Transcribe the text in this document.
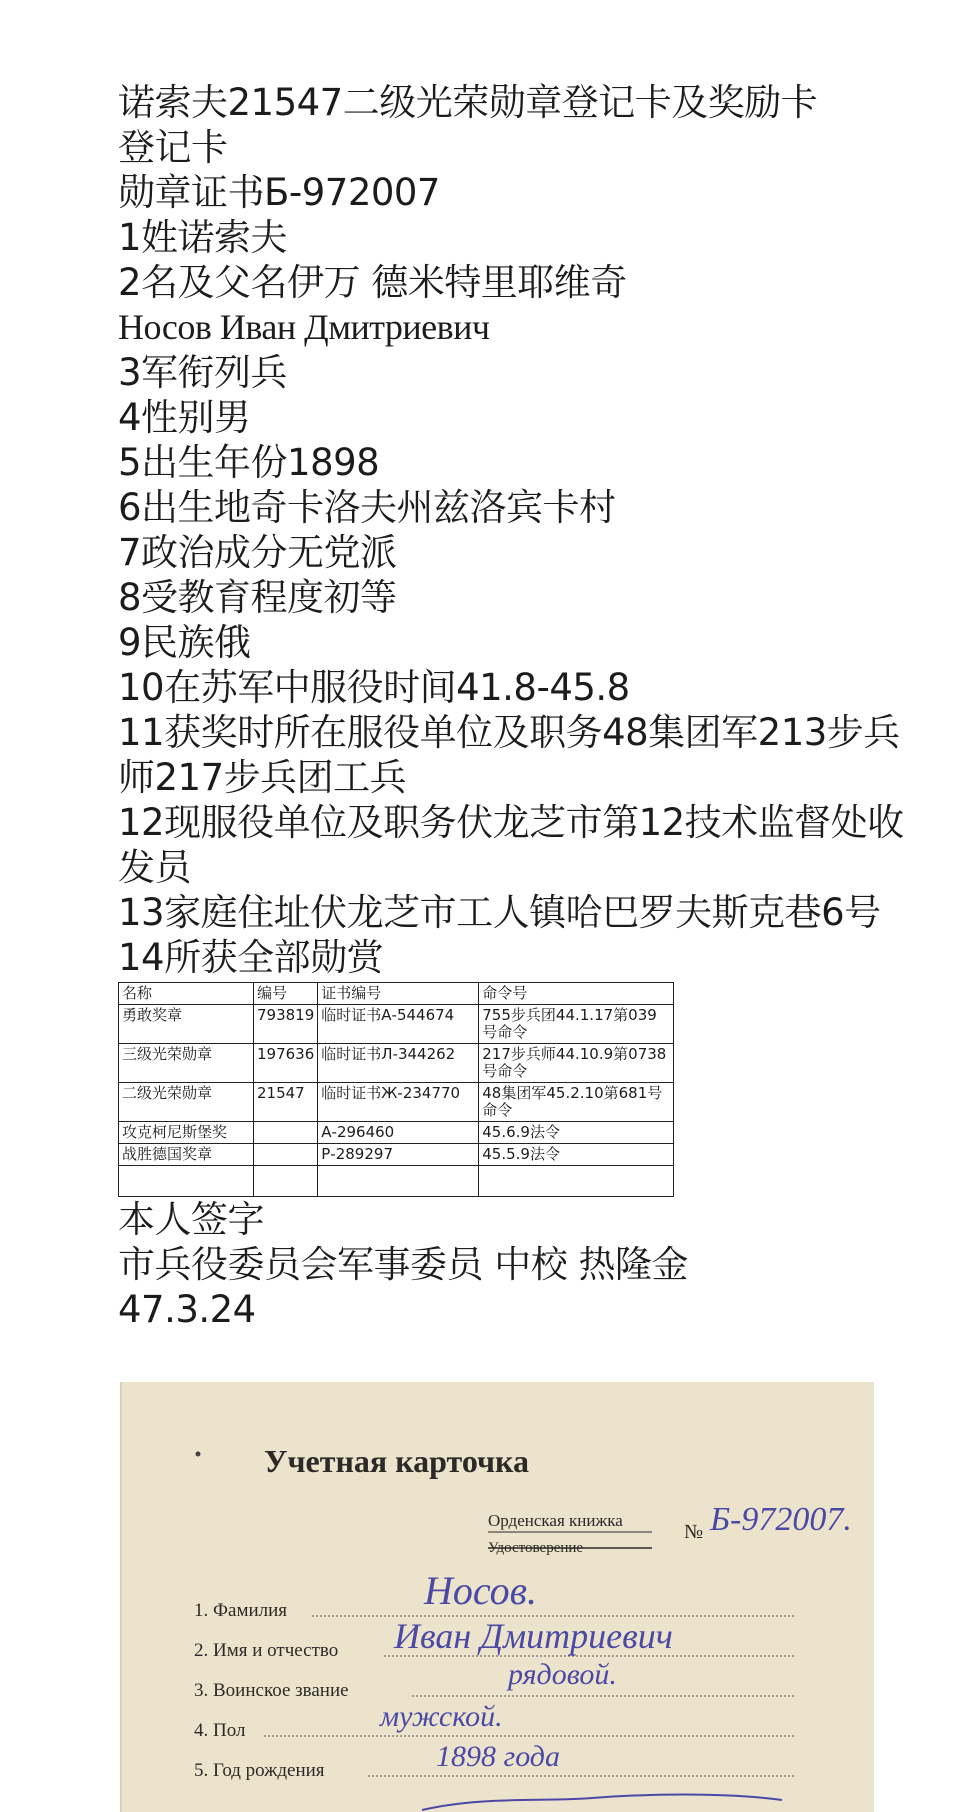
诺索夫21547二级光荣勋章登记卡及奖励卡
登记卡
勋章证书Б-972007
1姓诺索夫
2名及父名伊万 德米特里耶维奇
Носов Иван Дмитриевич
3军衔列兵
4性别男
5出生年份1898
6出生地奇卡洛夫州兹洛宾卡村
7政治成分无党派
8受教育程度初等
9民族俄
10在苏军中服役时间41.8-45.8
11获奖时所在服役单位及职务48集团军213步兵师217步兵团工兵
12现服役单位及职务伏龙芝市第12技术监督处收发员
13家庭住址伏龙芝市工人镇哈巴罗夫斯克巷6号
14所获全部勋赏
名称	编号	证书编号	命令号
勇敢奖章	793819	临时证书А-544674	755步兵团44.1.17第039号命令
三级光荣勋章	197636	临时证书Л-344262	217步兵师44.10.9第0738号命令
二级光荣勋章	21547	临时证书Ж-234770	48集团军45.2.10第681号命令
攻克柯尼斯堡奖		А-296460	45.6.9法令
战胜德国奖章		Р-289297	45.5.9法令

本人签字
市兵役委员会军事委员 中校 热隆金
47.3.24
Учетная карточка
Орденская книжка
Удостоверение
№ Б-972007.
1. Фамилия	Носов.
2. Имя и отчество Иван Дмитриевич
3. Воинское звание	рядовой.
4. Пол	мужской.
5. Год рождения	1898 года
